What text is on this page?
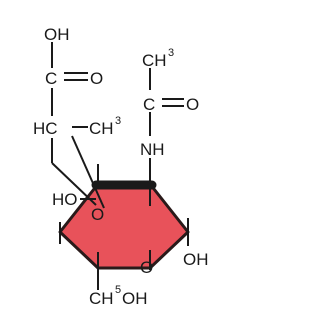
OH
C O
HC CH 3
CH 3
C O
NH
HO
O
O OH
CH 5 OH
